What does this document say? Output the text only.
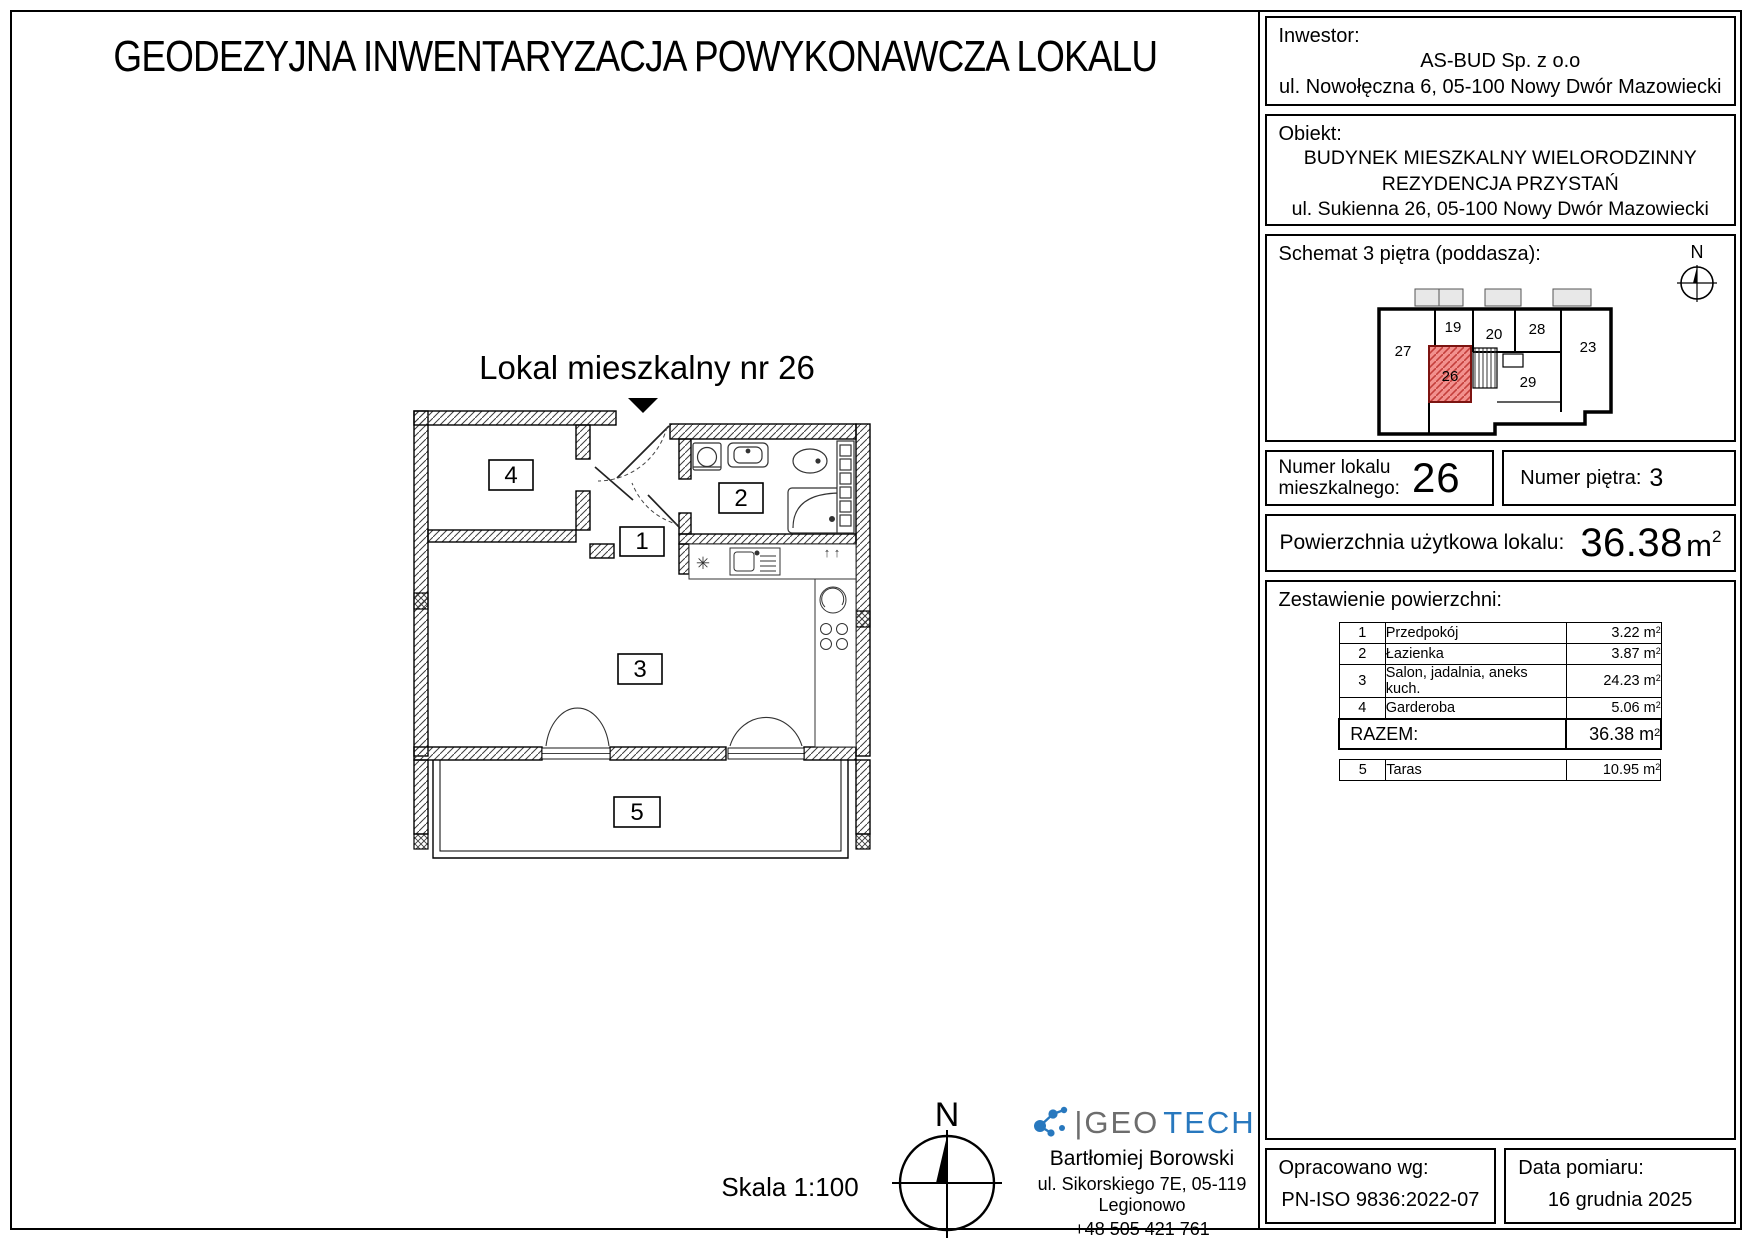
GEODEZYJNA INWENTARYZACJA POWYKONAWCZA LOKALU
Lokal mieszkalny nr 26
✳
↑ ↑
1
2
3
4
5
Skala 1:100
N	|GEO TECH
Bartłomiej Borowski
ul. Sikorskiego 7E, 05-119 Legionowo
+48 505 421 761
Inwestor:
AS-BUD Sp. z o.o
ul. Nowołęczna 6, 05-100 Nowy Dwór Mazowiecki
Obiekt:
BUDYNEK MIESZKALNY WIELORODZINNY
REZYDENCJA PRZYSTAŃ
ul. Sukienna 26, 05-100 Nowy Dwór Mazowiecki
Schemat 3 piętra (poddasza):	N
19 20 28
27
26	29
23
Numer lokalu
mieszkalnego: 26	Numer piętra: 3
Powierzchnia użytkowa lokalu: 36.38  m2
Zestawienie powierzchni:
1	Przedpokój	3.22 $m^2$
2	Łazienka	3.87 $m^2$
3	Salon, jadalnia, aneks kuch.	24.23 $m^2$
4	Garderoba	5.06 $m^2$
RAZEM:		36.38 $m^2$
5	Taras	10.95 $m^2$
Opracowano wg:
PN-ISO 9836:2022-07
Data pomiaru:
16 grudnia 2025
